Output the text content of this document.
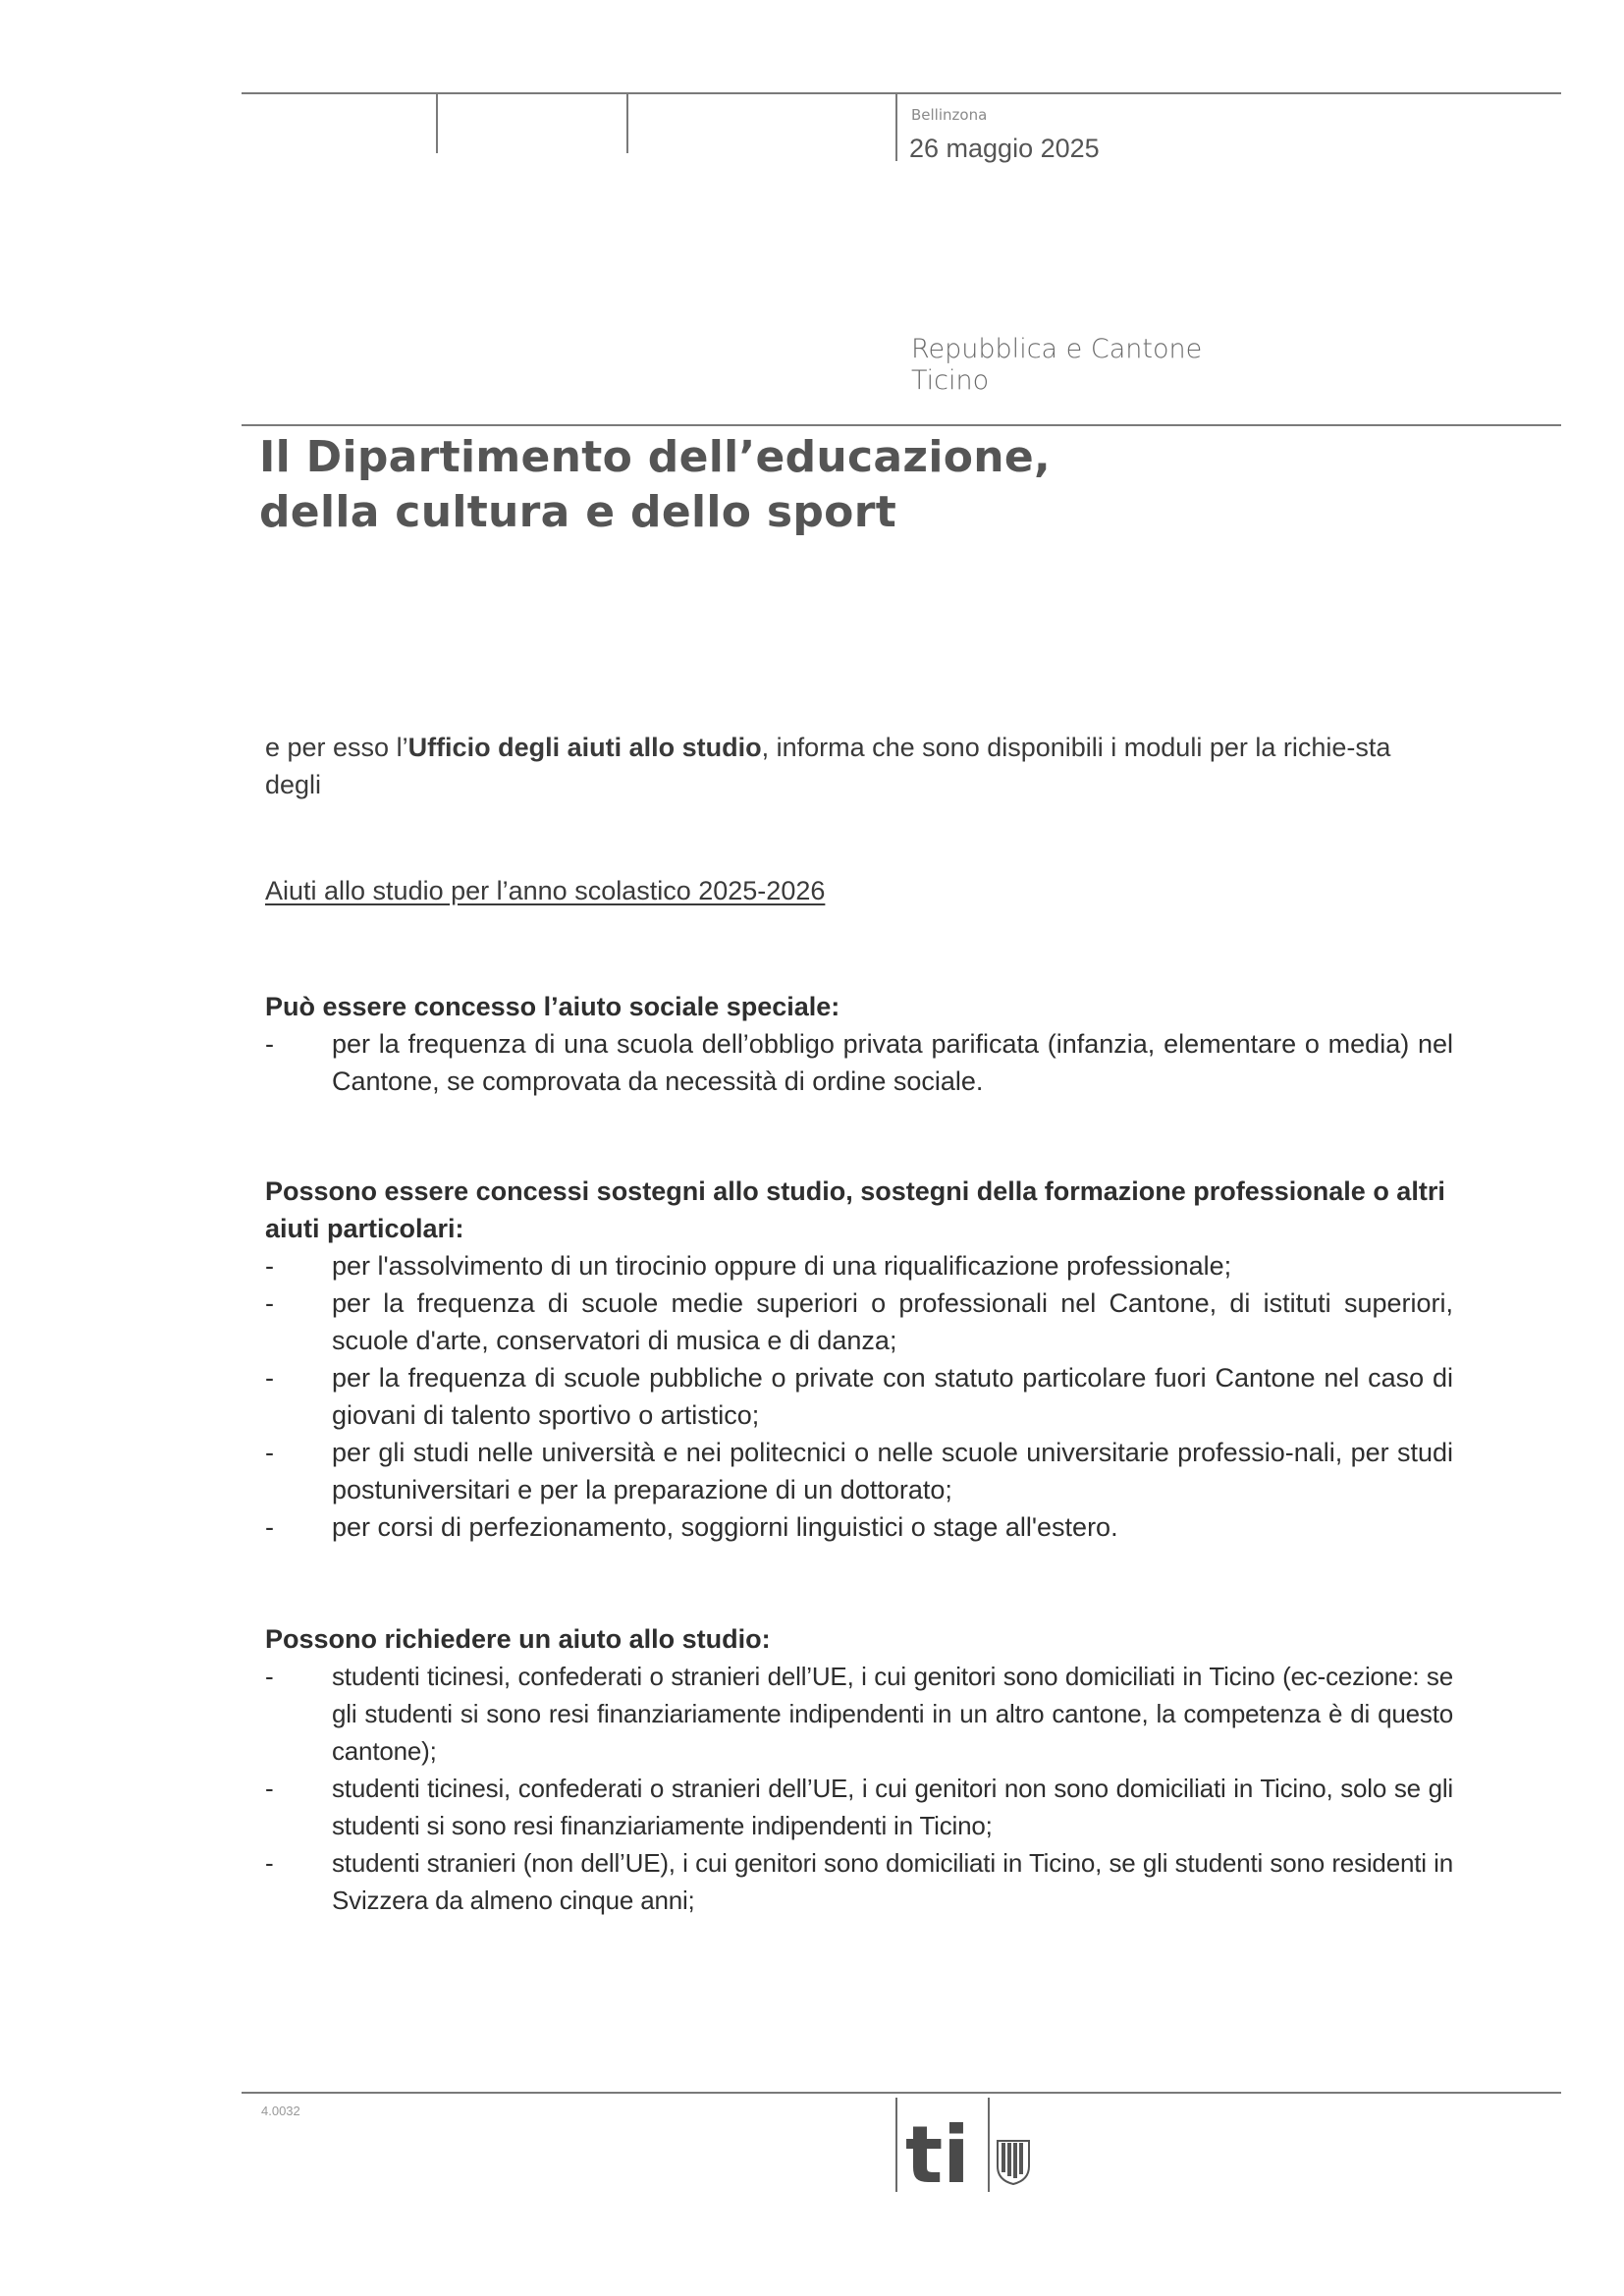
Bellinzona
26 maggio 2025
Repubblica e Cantone
Ticino
Il Dipartimento dell’educazione,
della cultura e dello sport
e per esso l’Ufficio degli aiuti allo studio, informa che sono disponibili i moduli per la richie-sta degli
Aiuti allo studio per l’anno scolastico 2025-2026
Può essere concesso l’aiuto sociale speciale:
- per la frequenza di una scuola dell’obbligo privata parificata (infanzia, elementare o media) nel Cantone, se comprovata da necessità di ordine sociale.
Possono essere concessi sostegni allo studio, sostegni della formazione professionale o altri aiuti particolari:
- per l'assolvimento di un tirocinio oppure di una riqualificazione professionale;
- per la frequenza di scuole medie superiori o professionali nel Cantone, di istituti superiori, scuole d'arte, conservatori di musica e di danza;
- per la frequenza di scuole pubbliche o private con statuto particolare fuori Cantone nel caso di giovani di talento sportivo o artistico;
- per gli studi nelle università e nei politecnici o nelle scuole universitarie professio-nali, per studi postuniversitari e per la preparazione di un dottorato;
- per corsi di perfezionamento, soggiorni linguistici o stage all'estero.
Possono richiedere un aiuto allo studio:
- studenti ticinesi, confederati o stranieri dell’UE, i cui genitori sono domiciliati in Ticino (ec-cezione: se gli studenti si sono resi finanziariamente indipendenti in un altro cantone, la competenza è di questo cantone);
- studenti ticinesi, confederati o stranieri dell’UE, i cui genitori non sono domiciliati in Ticino, solo se gli studenti si sono resi finanziariamente indipendenti in Ticino;
- studenti stranieri (non dell’UE), i cui genitori sono domiciliati in Ticino, se gli studenti sono residenti in Svizzera da almeno cinque anni;
4.0032	ti
